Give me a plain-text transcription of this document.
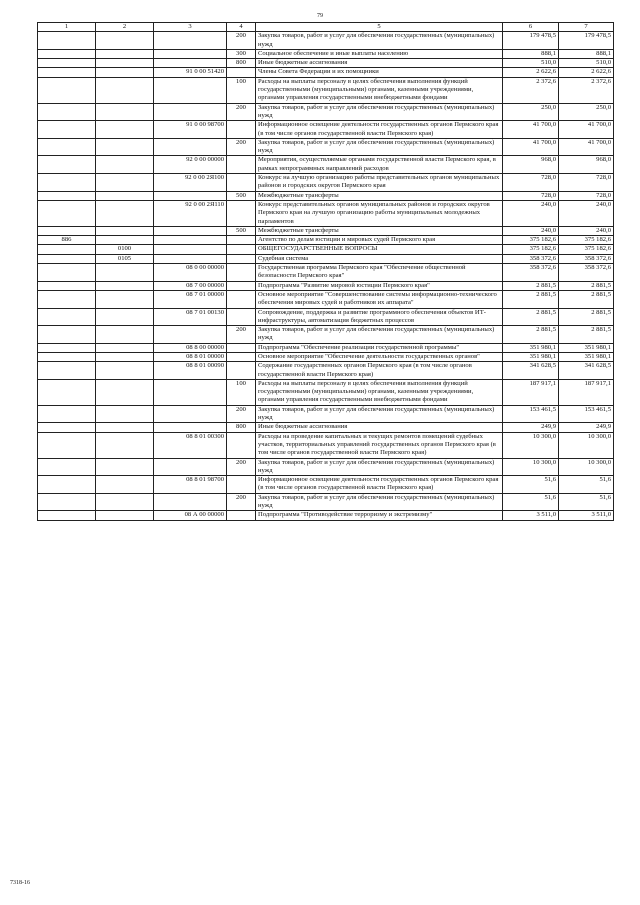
79
1	2	3	4	5	6	7
			200	Закупка товаров, работ и услуг для обеспечения государственных (муниципальных) нужд	179 478,5	179 478,5
			300	Социальное обеспечение и иные выплаты населению	888,1	888,1
			800	Иные бюджетные ассигнования	510,0	510,0
		91 0 00 51420		Члены Совета Федерации и их помощники	2 622,6	2 622,6
			100	Расходы на выплаты персоналу в целях обеспечения выполнения функций государственными (муниципальными) органами, казенными учреждениями, органами управления государственными внебюджетными фондами	2 372,6	2 372,6
			200	Закупка товаров, работ и услуг для обеспечения государственных (муниципальных) нужд	250,0	250,0
		91 0 00 98700		Информационное освещение деятельности государственных органов Пермского края (в том числе органов государственной власти Пермского края)	41 700,0	41 700,0
			200	Закупка товаров, работ и услуг для обеспечения государственных (муниципальных) нужд	41 700,0	41 700,0
		92 0 00 00000		Мероприятия, осуществляемые органами государственной власти Пермского края, в рамках непрограммных направлений расходов	968,0	968,0
		92 0 00 2Я100		Конкурс на лучшую организацию работы представительных органов муниципальных районов и городских округов Пермского края	728,0	728,0
			500	Межбюджетные трансферты	728,0	728,0
		92 0 00 2Я110		Конкурс представительных органов муниципальных районов и городских округов Пермского края на лучшую организацию работы муниципальных молодежных парламентов	240,0	240,0
			500	Межбюджетные трансферты	240,0	240,0
886				Агентство по делам юстиции и мировых судей Пермского края	375 182,6	375 182,6
	0100			ОБЩЕГОСУДАРСТВЕННЫЕ ВОПРОСЫ	375 182,6	375 182,6
	0105			Судебная система	358 372,6	358 372,6
		08 0 00 00000		Государственная программа Пермского края "Обеспечение общественной безопасности Пермского края"	358 372,6	358 372,6
		08 7 00 00000		Подпрограмма "Развитие мировой юстиции Пермского края"	2 881,5	2 881,5
		08 7 01 00000		Основное мероприятие "Совершенствование системы информационно-технического обеспечения мировых судей и работников их аппарата"	2 881,5	2 881,5
		08 7 01 00130		Сопровождение, поддержка и развитие программного обеспечения объектов ИТ-инфраструктуры, автоматизация бюджетных процессов	2 881,5	2 881,5
			200	Закупка товаров, работ и услуг для обеспечения государственных (муниципальных) нужд	2 881,5	2 881,5
		08 8 00 00000		Подпрограмма "Обеспечение реализации государственной программы"	351 980,1	351 980,1
		08 8 01 00000		Основное мероприятие "Обеспечение деятельности государственных органов"	351 980,1	351 980,1
		08 8 01 00090		Содержание государственных органов Пермского края (в том числе органов государственной власти Пермского края)	341 628,5	341 628,5
			100	Расходы на выплаты персоналу в целях обеспечения выполнения функций государственными (муниципальными) органами, казенными учреждениями, органами управления государственными внебюджетными фондами	187 917,1	187 917,1
			200	Закупка товаров, работ и услуг для обеспечения государственных (муниципальных) нужд	153 461,5	153 461,5
			800	Иные бюджетные ассигнования	249,9	249,9
		08 8 01 00300		Расходы на проведение капитальных и текущих ремонтов помещений судебных участков, территориальных управлений государственных органов Пермского края (в том числе органов государственной власти Пермского края)	10 300,0	10 300,0
			200	Закупка товаров, работ и услуг для обеспечения государственных (муниципальных) нужд	10 300,0	10 300,0
		08 8 01 98700		Информационное освещение деятельности государственных органов Пермского края (в том числе органов государственной власти Пермского края)	51,6	51,6
			200	Закупка товаров, работ и услуг для обеспечения государственных (муниципальных) нужд	51,6	51,6
		08 А 00 00000		Подпрограмма "Противодействие терроризму и экстремизму"	3 511,0	3 511,0
7318-16
